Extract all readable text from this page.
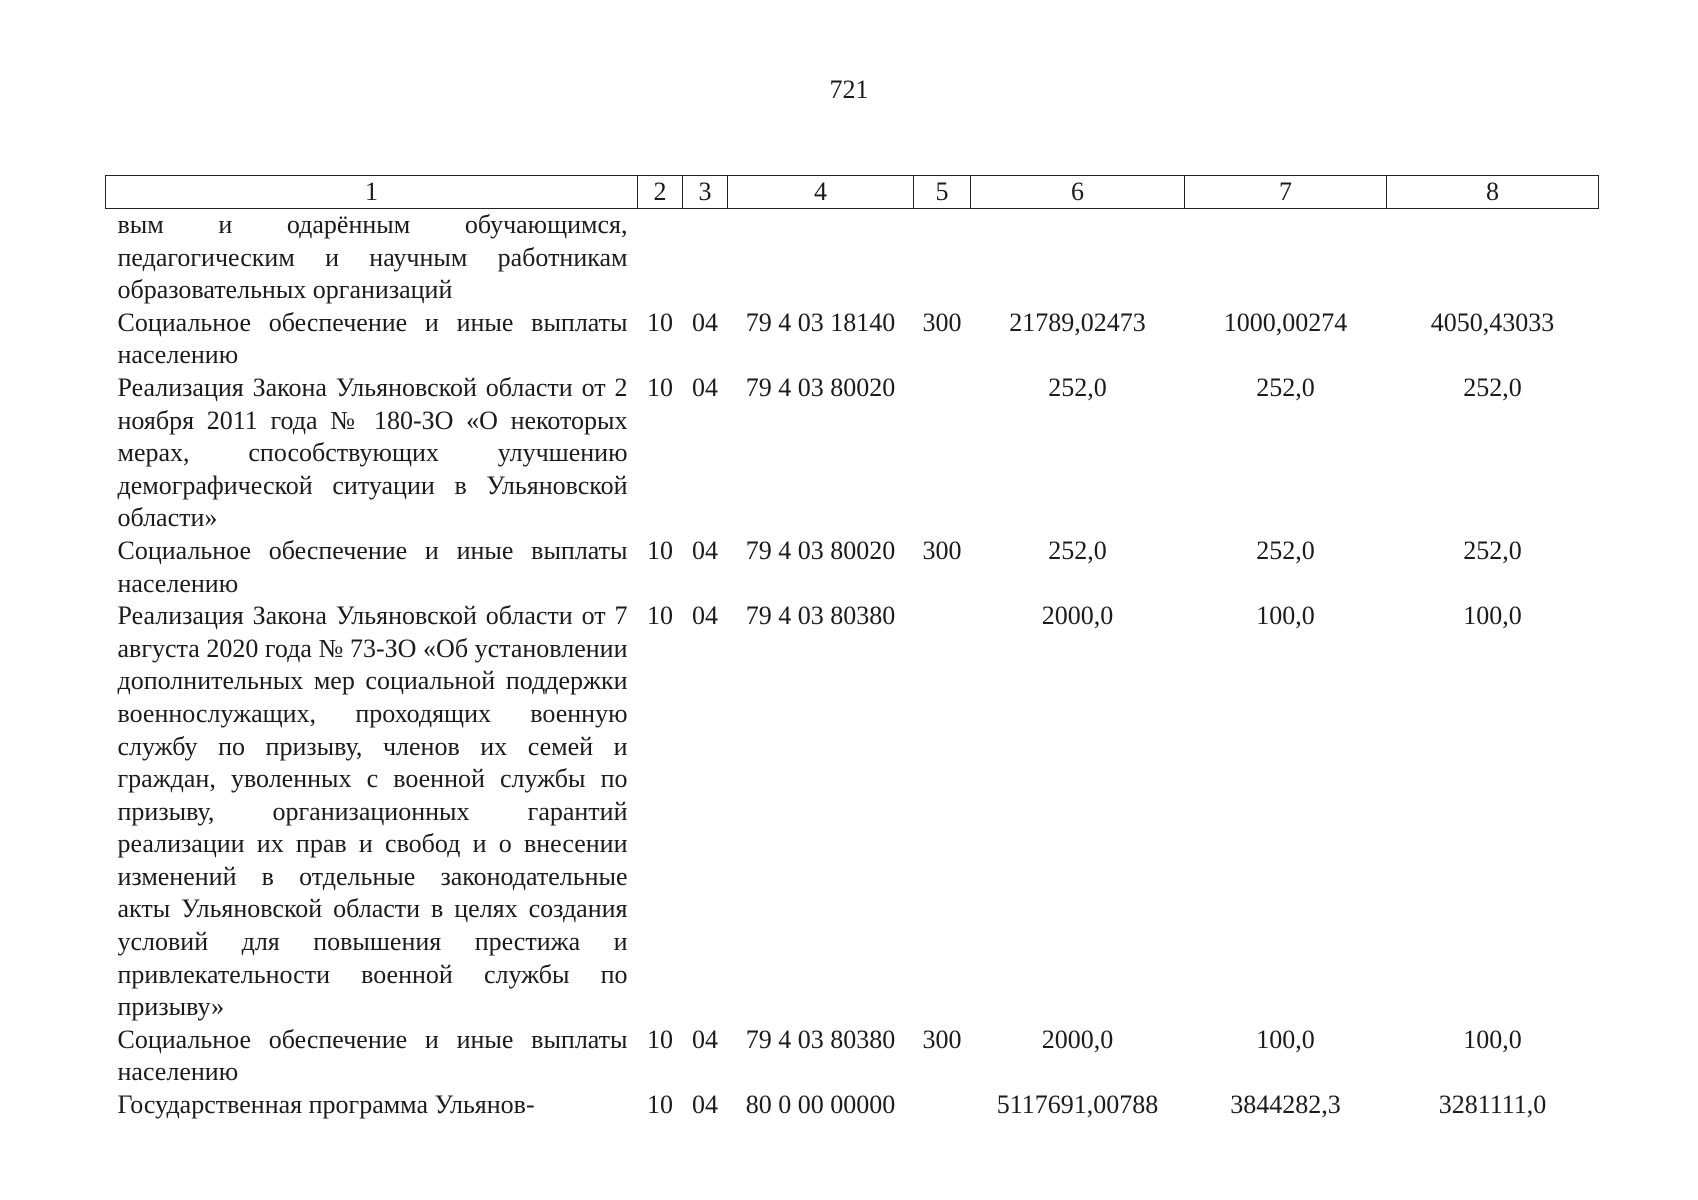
721
1	2	3	4	5	6	7	8
вым и одарённым обучающимся, педагогическим и научным работникам образовательных организаций							
Социальное обеспечение и иные выплаты населению	10	04	79 4 03 18140	300	21789,02473	1000,00274	4050,43033
Реализация Закона Ульяновской области от 2 ноября 2011 года № 180-ЗО «О некоторых мерах, способствующих улучшению демографической ситуации в Ульяновской области»	10	04	79 4 03 80020		252,0	252,0	252,0
Социальное обеспечение и иные выплаты населению	10	04	79 4 03 80020	300	252,0	252,0	252,0
Реализация Закона Ульяновской области от 7 августа 2020 года № 73-ЗО «Об установлении дополнительных мер социальной поддержки военнослужащих, проходящих военную службу по призыву, членов их семей и граждан, уволенных с военной службы по призыву, организационных гарантий реализации их прав и свобод и о внесении изменений в отдельные законодательные акты Ульяновской области в целях создания условий для повышения престижа и привлекательности военной службы по призыву»	10	04	79 4 03 80380		2000,0	100,0	100,0
Социальное обеспечение и иные выплаты населению	10	04	79 4 03 80380	300	2000,0	100,0	100,0
Государственная программа Ульянов-	10	04	80 0 00 00000		5117691,00788	3844282,3	3281111,0
